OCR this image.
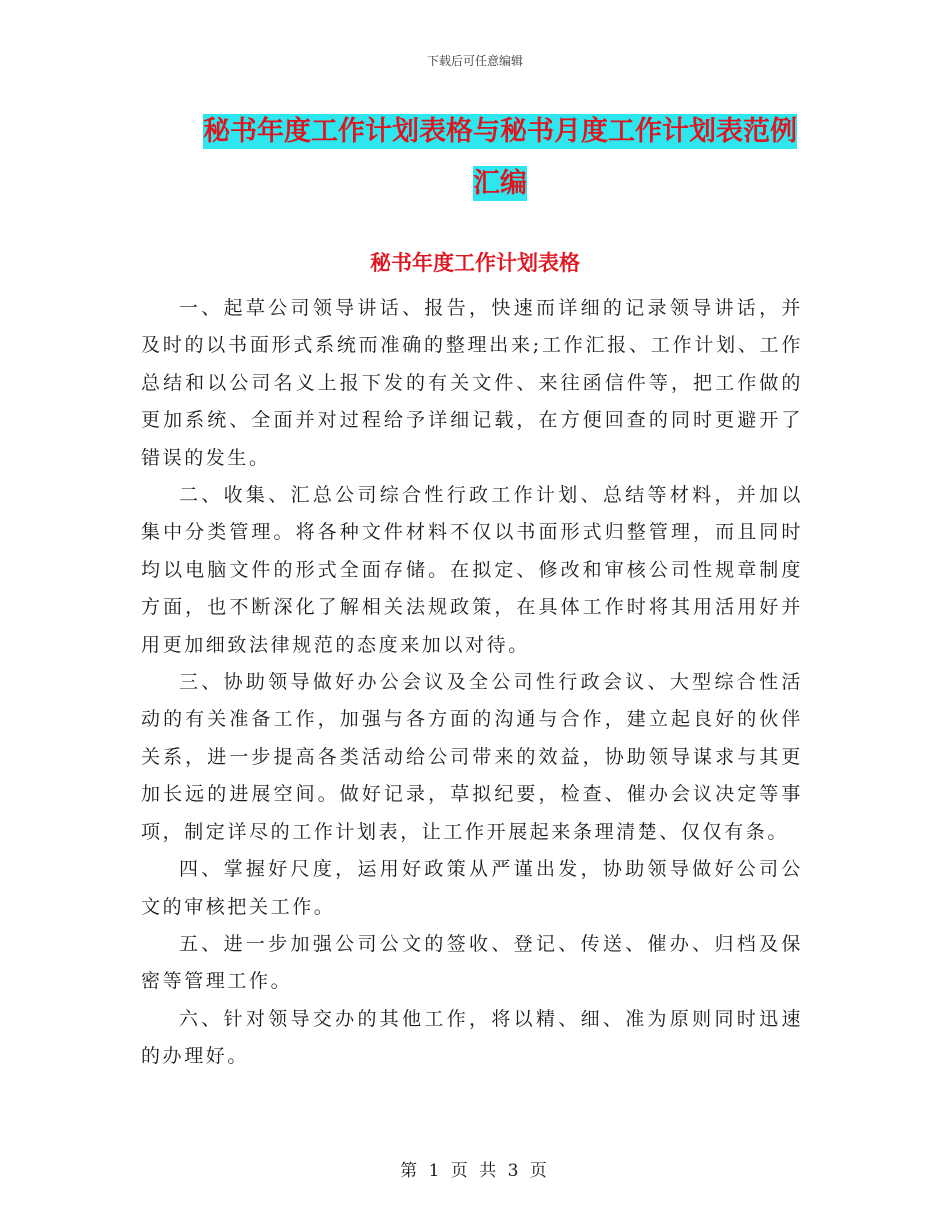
下载后可任意编辑
秘书年度工作计划表格与秘书月度工作计划表范例汇编
秘书年度工作计划表格

一、起草公司领导讲话、报告，快速而详细的记录领导讲话，并及时的以书面形式系统而准确的整理出来;工作汇报、工作计划、工作总结和以公司名义上报下发的有关文件、来往函信件等，把工作做的更加系统、全面并对过程给予详细记载，在方便回查的同时更避开了错误的发生。

二、收集、汇总公司综合性行政工作计划、总结等材料，并加以集中分类管理。将各种文件材料不仅以书面形式归整管理，而且同时均以电脑文件的形式全面存储。在拟定、修改和审核公司性规章制度方面，也不断深化了解相关法规政策，在具体工作时将其用活用好并用更加细致法律规范的态度来加以对待。

三、协助领导做好办公会议及全公司性行政会议、大型综合性活动的有关准备工作，加强与各方面的沟通与合作，建立起良好的伙伴关系，进一步提高各类活动给公司带来的效益，协助领导谋求与其更加长远的进展空间。做好记录，草拟纪要，检查、催办会议决定等事项，制定详尽的工作计划表，让工作开展起来条理清楚、仅仅有条。

四、掌握好尺度，运用好政策从严谨出发，协助领导做好公司公文的审核把关工作。

五、进一步加强公司公文的签收、登记、传送、催办、归档及保密等管理工作。

六、针对领导交办的其他工作，将以精、细、准为原则同时迅速的办理好。

第 1 页 共 3 页
